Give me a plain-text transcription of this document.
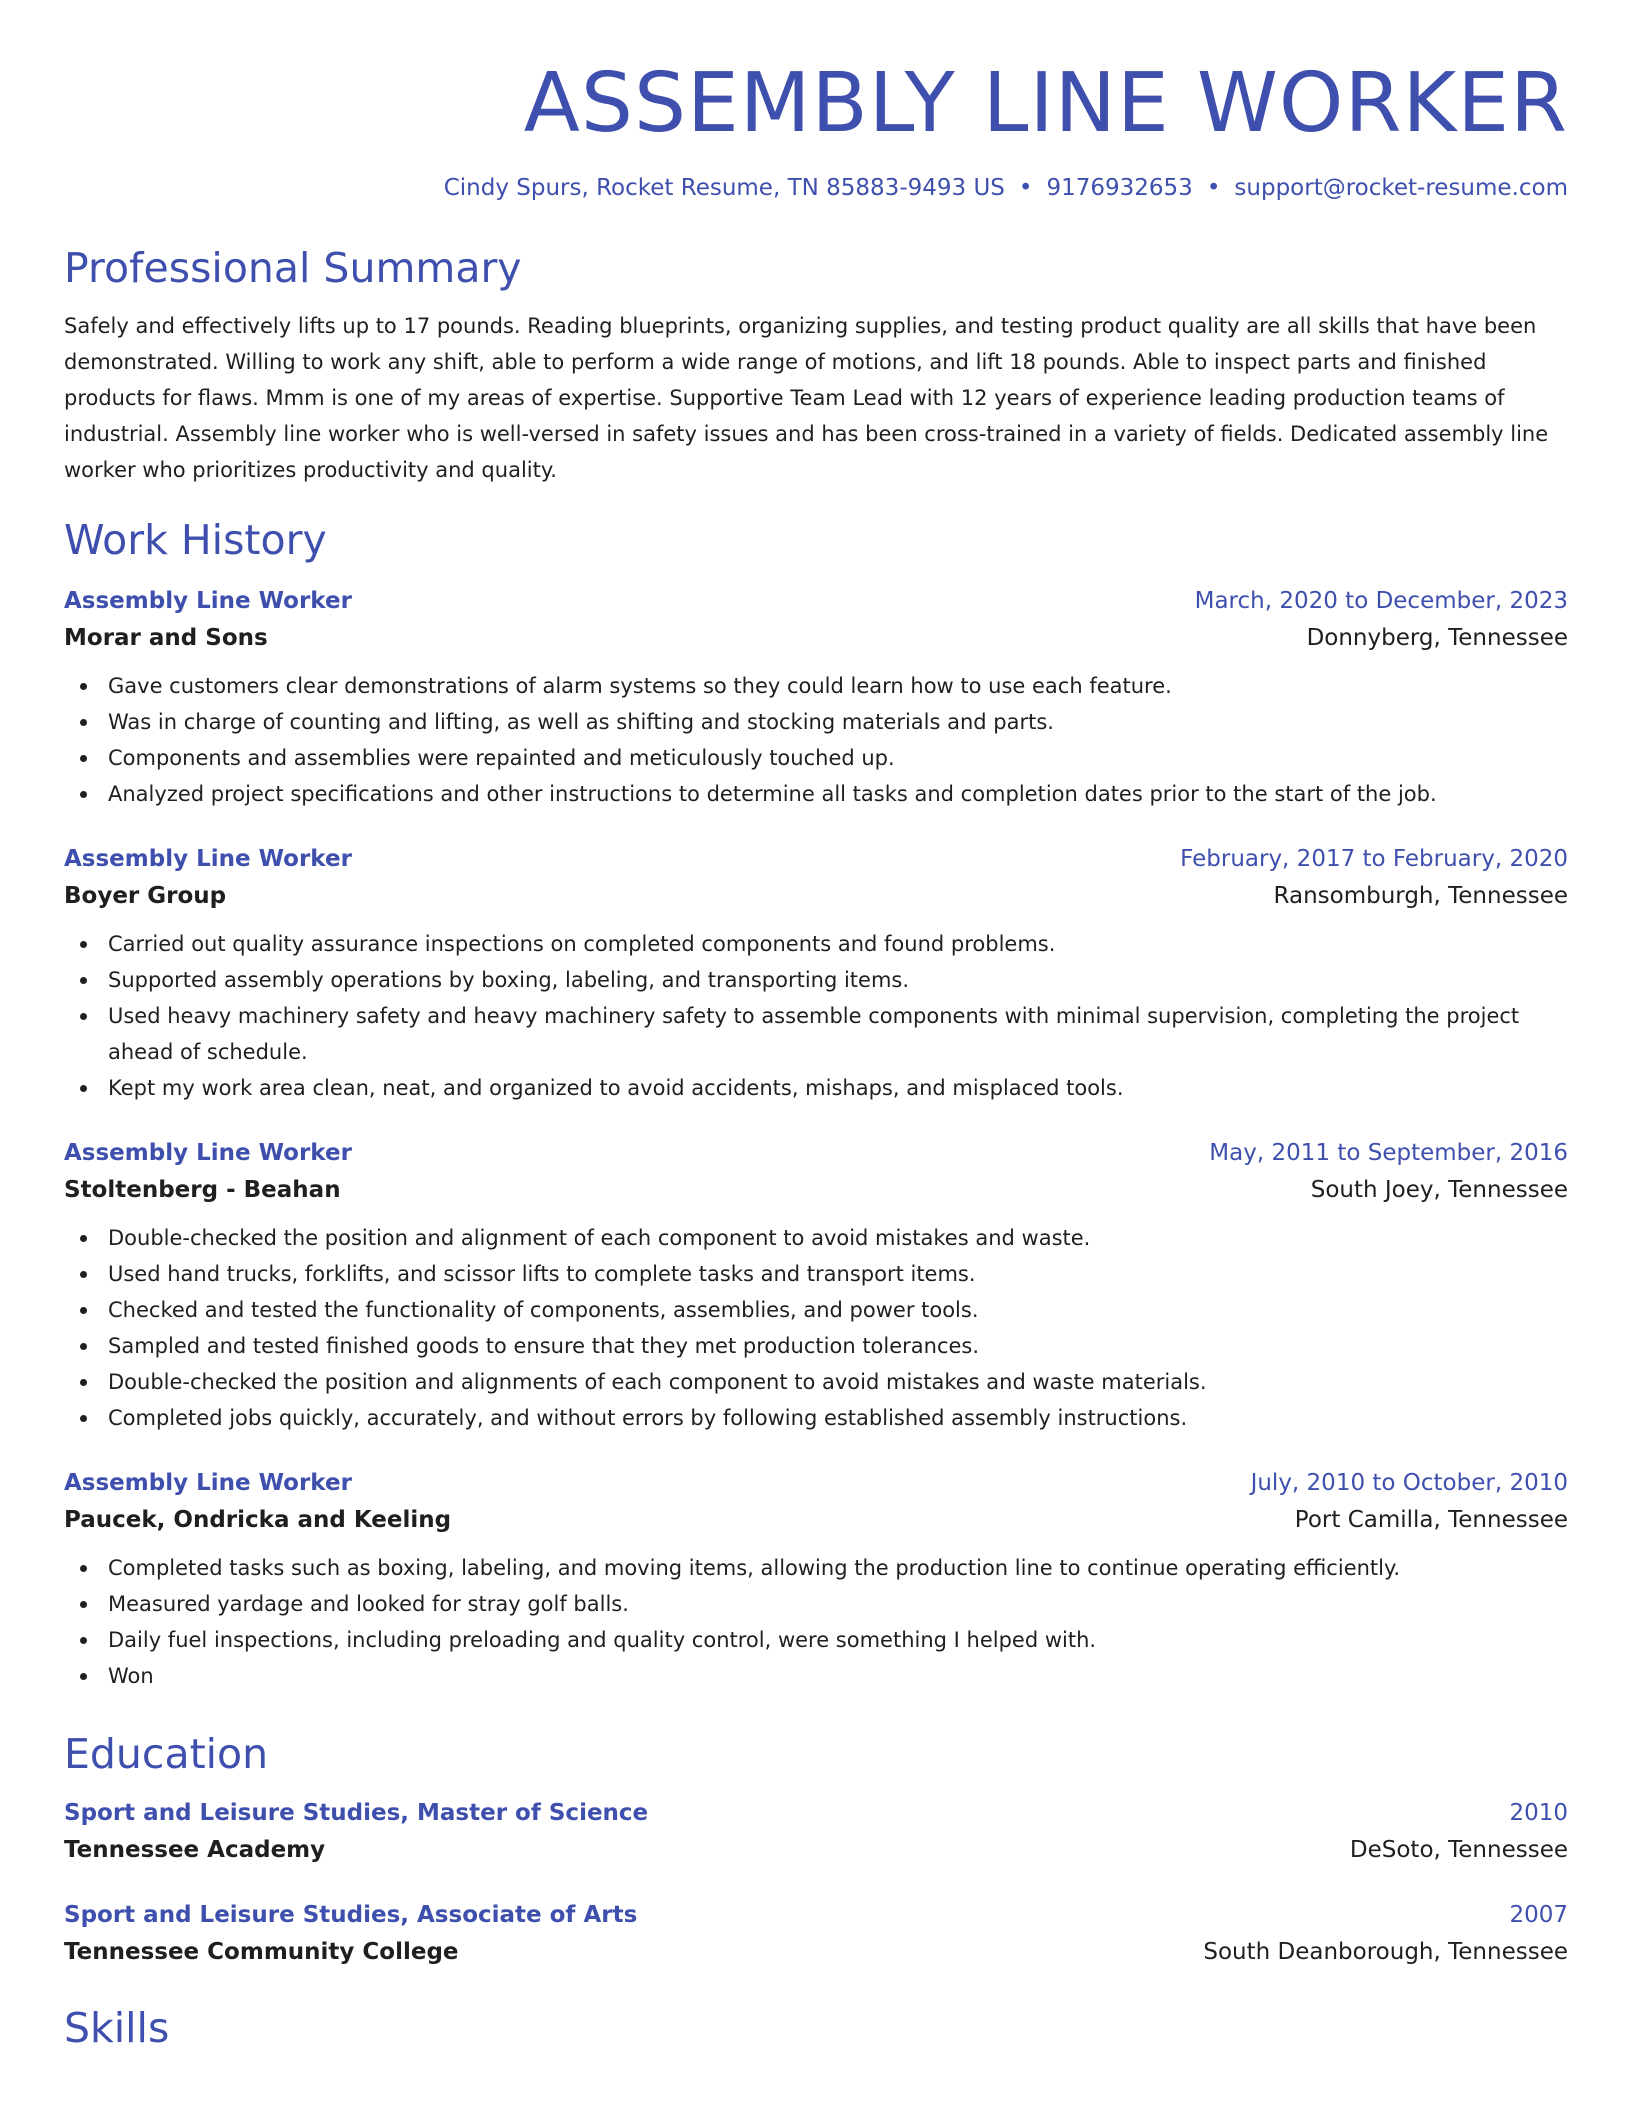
ASSEMBLY LINE WORKER
Cindy Spurs, Rocket Resume, TN 85883-9493 US • 9176932653 • support@rocket-resume.com
Professional Summary

Safely and effectively lifts up to 17 pounds. Reading blueprints, organizing supplies, and testing product quality are all skills that have been demonstrated. Willing to work any shift, able to perform a wide range of motions, and lift 18 pounds. Able to inspect parts and finished products for flaws. Mmm is one of my areas of expertise. Supportive Team Lead with 12 years of experience leading production teams of industrial. Assembly line worker who is well-versed in safety issues and has been cross-trained in a variety of fields. Dedicated assembly line worker who prioritizes productivity and quality.

Work History
Assembly Line Worker	March, 2020 to December, 2023
Morar and Sons	Donnyberg, Tennessee
Gave customers clear demonstrations of alarm systems so they could learn how to use each feature.
Was in charge of counting and lifting, as well as shifting and stocking materials and parts.
Components and assemblies were repainted and meticulously touched up.
Analyzed project specifications and other instructions to determine all tasks and completion dates prior to the start of the job.
Assembly Line Worker	February, 2017 to February, 2020
Boyer Group	Ransomburgh, Tennessee
Carried out quality assurance inspections on completed components and found problems.
Supported assembly operations by boxing, labeling, and transporting items.
Used heavy machinery safety and heavy machinery safety to assemble components with minimal supervision, completing the project ahead of schedule.
Kept my work area clean, neat, and organized to avoid accidents, mishaps, and misplaced tools.
Assembly Line Worker	May, 2011 to September, 2016
Stoltenberg - Beahan	South Joey, Tennessee
Double-checked the position and alignment of each component to avoid mistakes and waste.
Used hand trucks, forklifts, and scissor lifts to complete tasks and transport items.
Checked and tested the functionality of components, assemblies, and power tools.
Sampled and tested finished goods to ensure that they met production tolerances.
Double-checked the position and alignments of each component to avoid mistakes and waste materials.
Completed jobs quickly, accurately, and without errors by following established assembly instructions.
Assembly Line Worker	July, 2010 to October, 2010
Paucek, Ondricka and Keeling	Port Camilla, Tennessee
Completed tasks such as boxing, labeling, and moving items, allowing the production line to continue operating efficiently.
Measured yardage and looked for stray golf balls.
Daily fuel inspections, including preloading and quality control, were something I helped with.
Won
Education
Sport and Leisure Studies, Master of Science	2010
Tennessee Academy	DeSoto, Tennessee
Sport and Leisure Studies, Associate of Arts	2007
Tennessee Community College	South Deanborough, Tennessee
Skills
